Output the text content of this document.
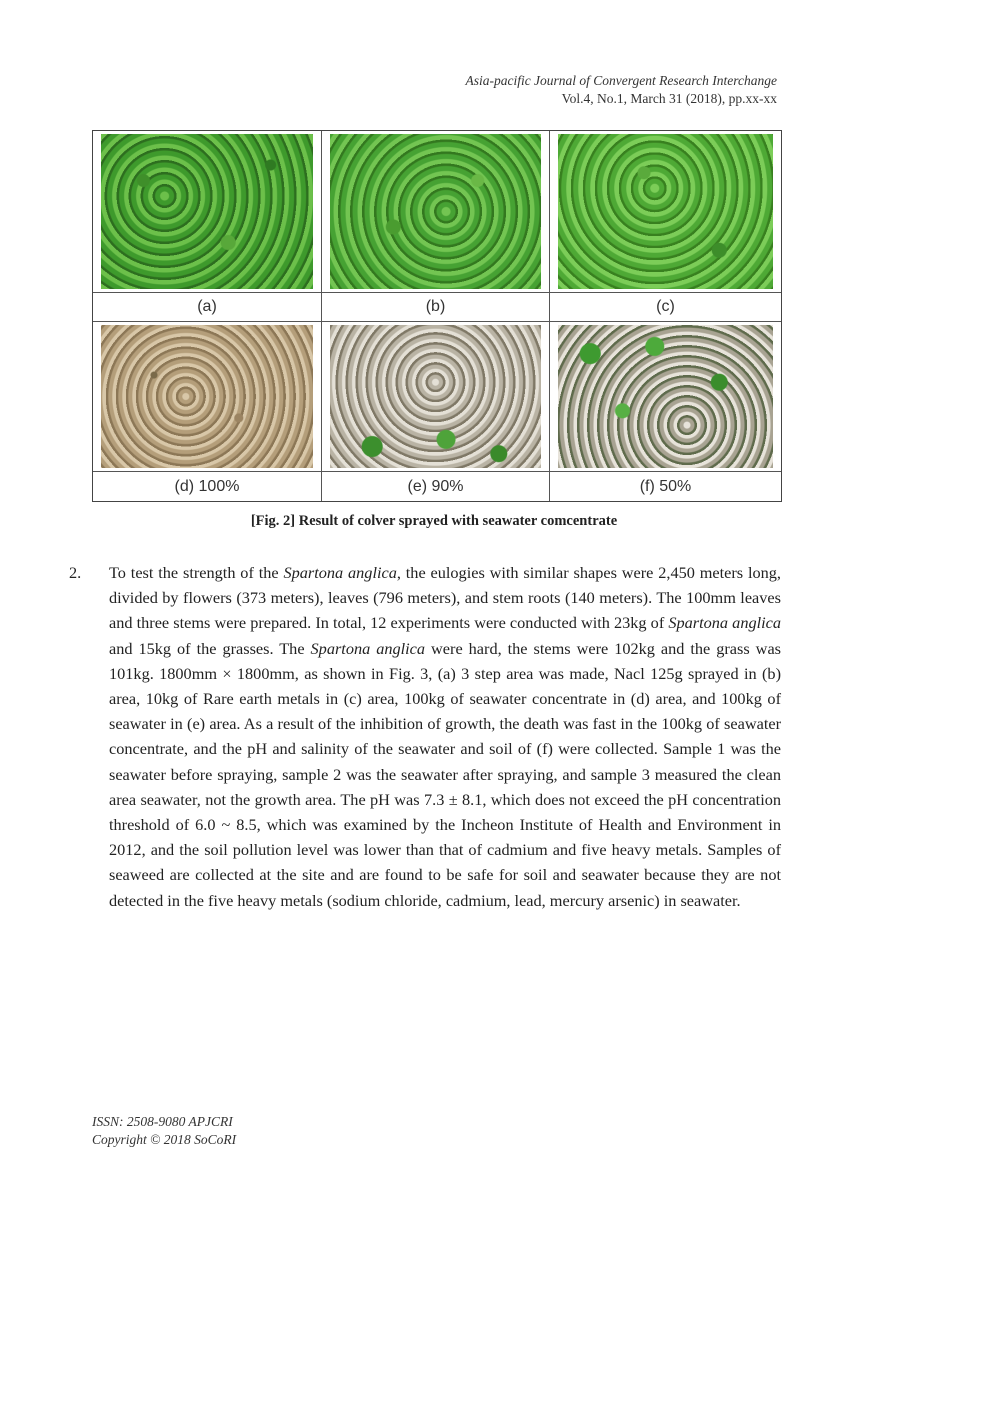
Asia-pacific Journal of Convergent Research Interchange
Vol.4, No.1, March 31 (2018), pp.xx-xx
(a)	(b)	(c)
(d) 100%	(e) 90%	(f) 50%
[Fig. 2] Result of colver sprayed with seawater comcentrate

2. To test the strength of the Spartona anglica, the eulogies with similar shapes were 2,450 meters long, divided by flowers (373 meters), leaves (796 meters), and stem roots (140 meters). The 100mm leaves and three stems were prepared. In total, 12 experiments were conducted with 23kg of Spartona anglica and 15kg of the grasses. The Spartona anglica were hard, the stems were 102kg and the grass was 101kg. 1800mm × 1800mm, as shown in Fig. 3, (a) 3 step area was made, Nacl 125g sprayed in (b) area, 10kg of Rare earth metals in (c) area, 100kg of seawater concentrate in (d) area, and 100kg of seawater in (e) area. As a result of the inhibition of growth, the death was fast in the 100kg of seawater concentrate, and the pH and salinity of the seawater and soil of (f) were collected. Sample 1 was the seawater before spraying, sample 2 was the seawater after spraying, and sample 3 measured the clean area seawater, not the growth area. The pH was 7.3 ± 8.1, which does not exceed the pH concentration threshold of 6.0 ~ 8.5, which was examined by the Incheon Institute of Health and Environment in 2012, and the soil pollution level was lower than that of cadmium and five heavy metals. Samples of seaweed are collected at the site and are found to be safe for soil and seawater because they are not detected in the five heavy metals (sodium chloride, cadmium, lead, mercury arsenic) in seawater.

ISSN: 2508-9080 APJCRI
Copyright © 2018 SoCoRI
